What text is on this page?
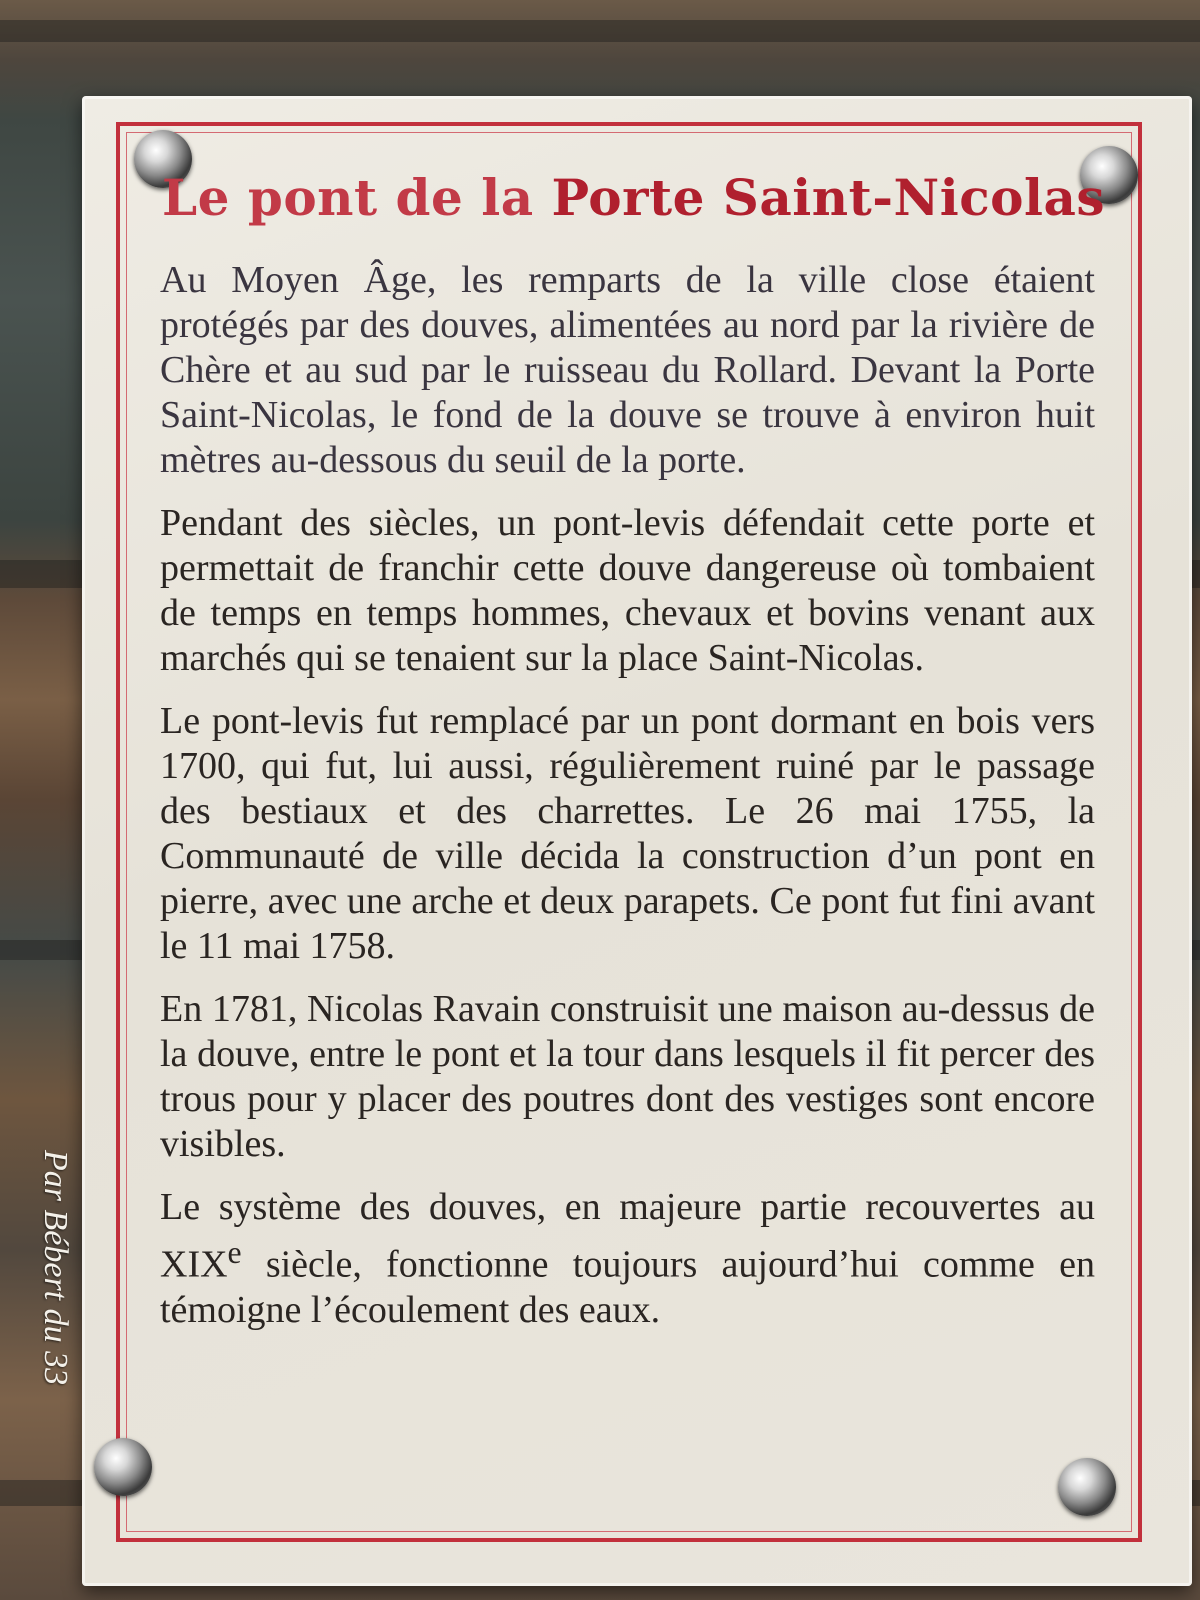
Le pont de la Porte Saint-Nicolas

Au Moyen Âge, les remparts de la ville close étaient protégés par des douves, alimentées au nord par la rivière de Chère et au sud par le ruisseau du Rollard. Devant la Porte Saint-Nicolas, le fond de la douve se trouve à environ huit mètres au-dessous du seuil de la porte.

Pendant des siècles, un pont-levis défendait cette porte et permettait de franchir cette douve dangereuse où tombaient de temps en temps hommes, chevaux et bovins venant aux marchés qui se tenaient sur la place Saint-Nicolas.

Le pont-levis fut remplacé par un pont dormant en bois vers 1700, qui fut, lui aussi, régulièrement ruiné par le passage des bestiaux et des charrettes. Le 26 mai 1755, la Communauté de ville décida la construction d’un pont en pierre, avec une arche et deux parapets. Ce pont fut fini avant le 11 mai 1758.

En 1781, Nicolas Ravain construisit une maison au-dessus de la douve, entre le pont et la tour dans lesquels il fit percer des trous pour y placer des poutres dont des vestiges sont encore visibles.

Le système des douves, en majeure partie recouvertes au XIXe siècle, fonctionne toujours aujourd’hui comme en témoigne l’écoulement des eaux.

Par Bébert du 33
